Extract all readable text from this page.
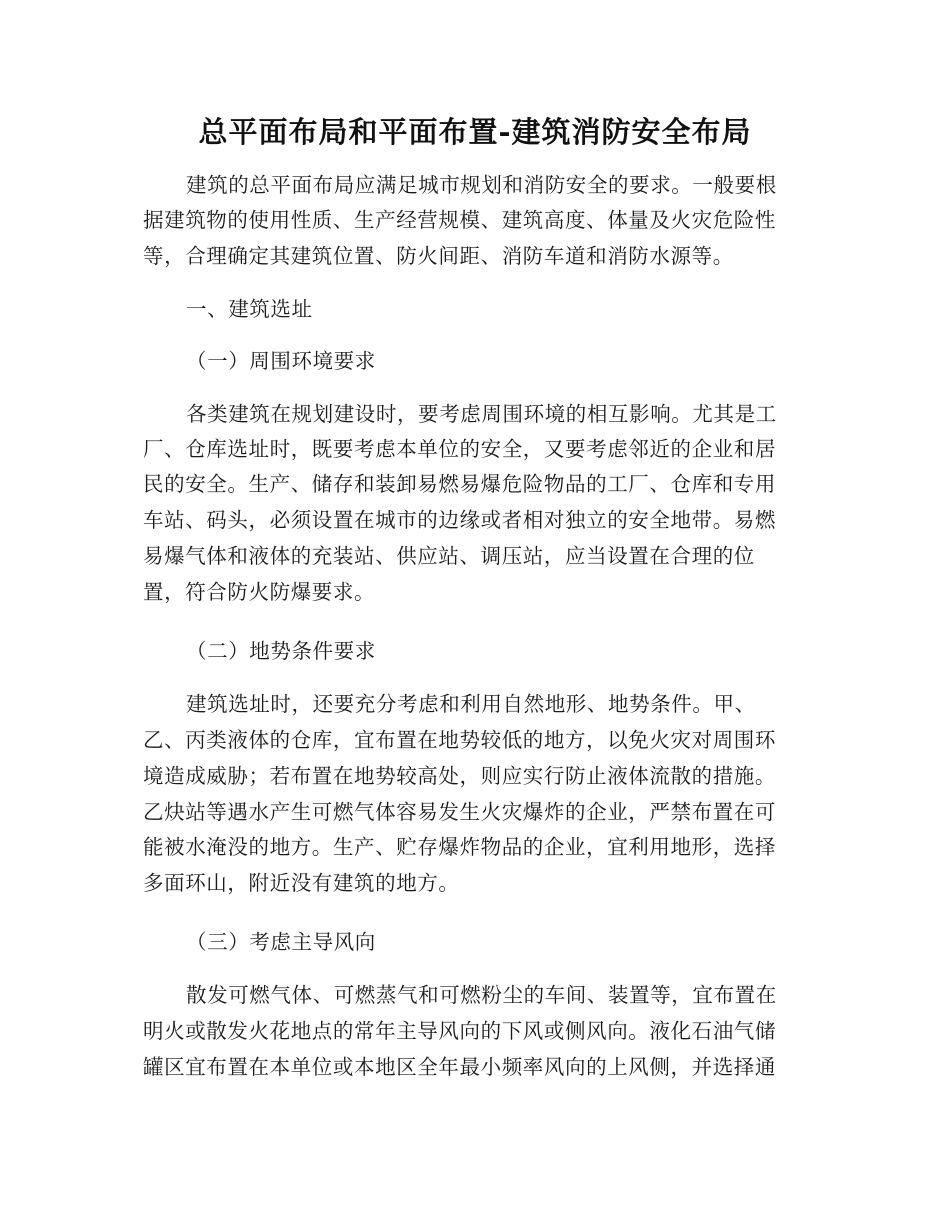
总平面布局和平面布置-建筑消防安全布局
建筑的总平面布局应满足城市规划和消防安全的要求。一般要根
据建筑物的使用性质、生产经营规模、建筑高度、体量及火灾危险性
等，合理确定其建筑位置、防火间距、消防车道和消防水源等。
一、建筑选址
（一）周围环境要求
各类建筑在规划建设时，要考虑周围环境的相互影响。尤其是工
厂、仓库选址时，既要考虑本单位的安全，又要考虑邻近的企业和居
民的安全。生产、储存和装卸易燃易爆危险物品的工厂、仓库和专用
车站、码头，必须设置在城市的边缘或者相对独立的安全地带。易燃
易爆气体和液体的充装站、供应站、调压站，应当设置在合理的位
置，符合防火防爆要求。
（二）地势条件要求
建筑选址时，还要充分考虑和利用自然地形、地势条件。甲、
乙、丙类液体的仓库，宜布置在地势较低的地方，以免火灾对周围环
境造成威胁；若布置在地势较高处，则应实行防止液体流散的措施。
乙炔站等遇水产生可燃气体容易发生火灾爆炸的企业，严禁布置在可
能被水淹没的地方。生产、贮存爆炸物品的企业，宜利用地形，选择
多面环山，附近没有建筑的地方。
（三）考虑主导风向
散发可燃气体、可燃蒸气和可燃粉尘的车间、装置等，宜布置在
明火或散发火花地点的常年主导风向的下风或侧风向。液化石油气储
罐区宜布置在本单位或本地区全年最小频率风向的上风侧，并选择通
